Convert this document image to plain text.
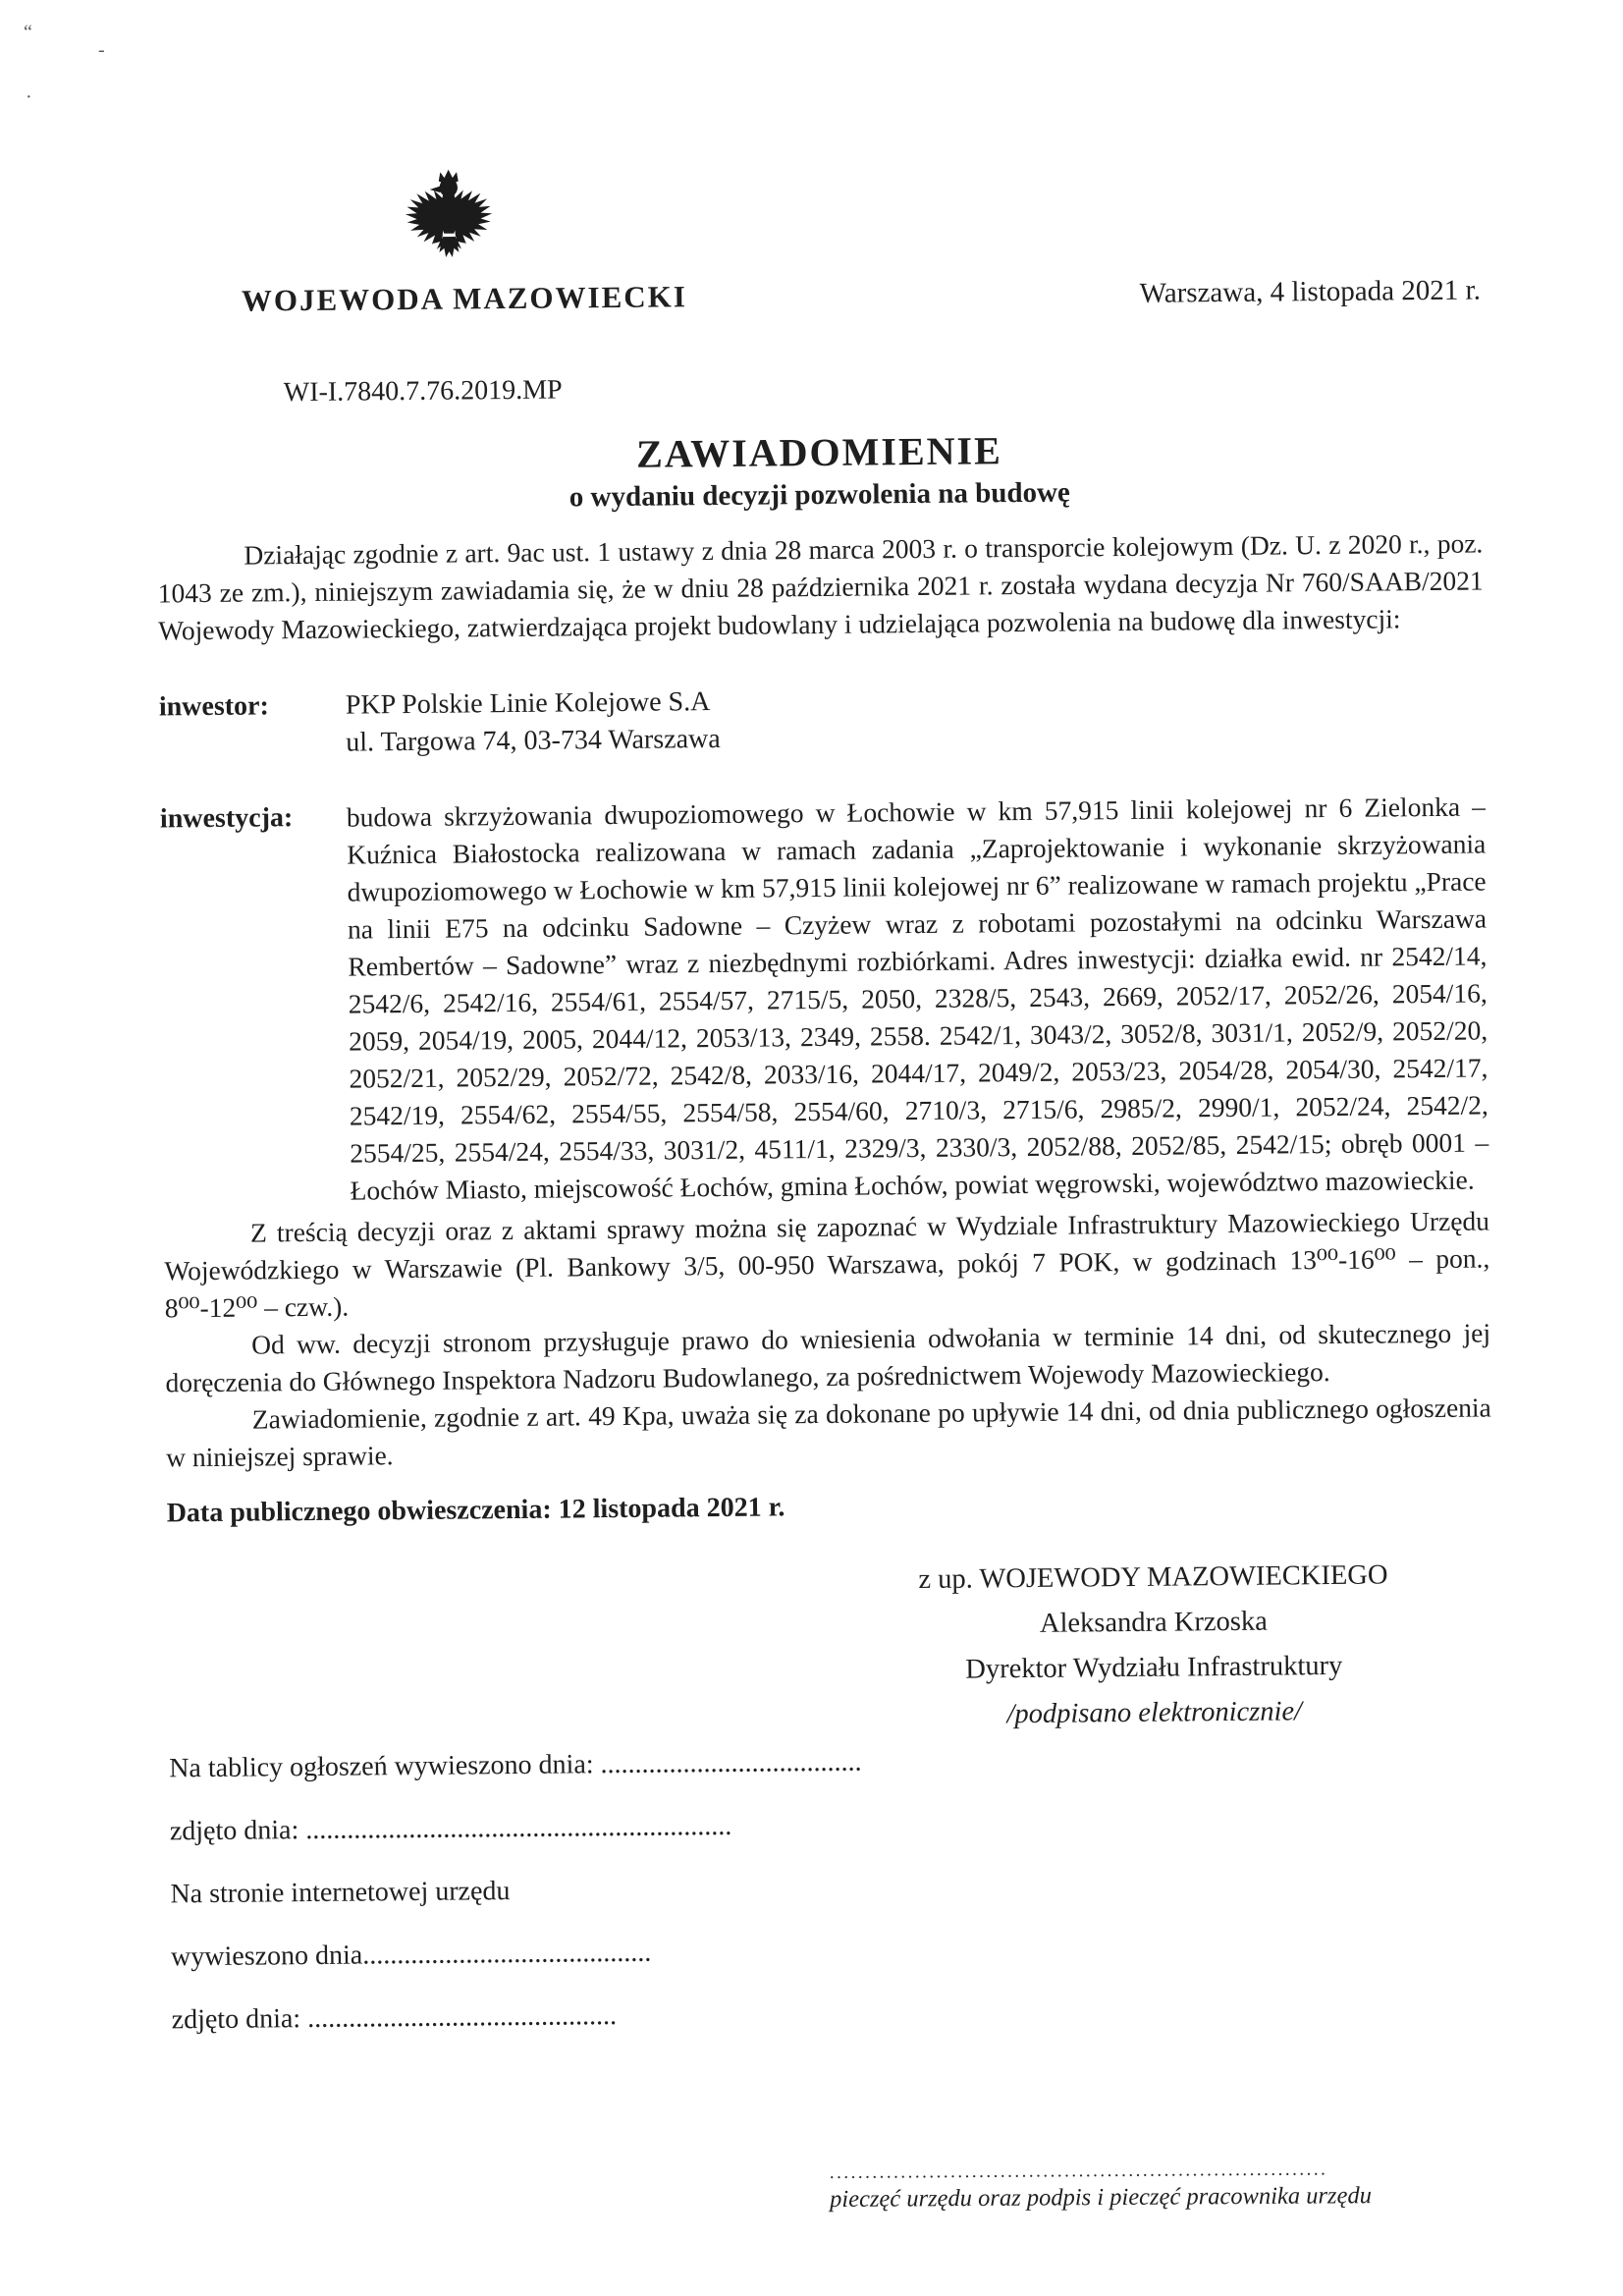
“
-
·
WOJEWODA MAZOWIECKI	Warszawa, 4 listopada 2021 r.
WI-I.7840.7.76.2019.MP
ZAWIADOMIENIE
o wydaniu decyzji pozwolenia na budowę

Działając zgodnie z art. 9ac ust. 1 ustawy z dnia 28 marca 2003 r. o transporcie kolejowym (Dz. U. z 2020 r., poz. 1043 ze zm.), niniejszym zawiadamia się, że w dniu 28 października 2021 r. została wydana decyzja Nr 760/SAAB/2021 Wojewody Mazowieckiego, zatwierdzająca projekt budowlany i udzielająca pozwolenia na budowę dla inwestycji:

inwestor:	PKP Polskie Linie Kolejowe S.A
ul. Targowa 74, 03-734 Warszawa
inwestycja:	budowa skrzyżowania dwupoziomowego w Łochowie w km 57,915 linii kolejowej nr 6 Zielonka – Kuźnica Białostocka realizowana w ramach zadania „Zaprojektowanie i wykonanie skrzyżowania dwupoziomowego w Łochowie w km 57,915 linii kolejowej nr 6” realizowane w ramach projektu „Prace na linii E75 na odcinku Sadowne – Czyżew wraz z robotami pozostałymi na odcinku Warszawa Rembertów – Sadowne” wraz z niezbędnymi rozbiórkami. Adres inwestycji: działka ewid. nr 2542/14, 2542/6, 2542/16, 2554/61, 2554/57, 2715/5, 2050, 2328/5, 2543, 2669, 2052/17, 2052/26, 2054/16, 2059, 2054/19, 2005, 2044/12, 2053/13, 2349, 2558. 2542/1, 3043/2, 3052/8, 3031/1, 2052/9, 2052/20, 2052/21, 2052/29, 2052/72, 2542/8, 2033/16, 2044/17, 2049/2, 2053/23, 2054/28, 2054/30, 2542/17, 2542/19, 2554/62, 2554/55, 2554/58, 2554/60, 2710/3, 2715/6, 2985/2, 2990/1, 2052/24, 2542/2, 2554/25, 2554/24, 2554/33, 3031/2, 4511/1, 2329/3, 2330/3, 2052/88, 2052/85, 2542/15; obręb 0001 – Łochów Miasto, miejscowość Łochów, gmina Łochów, powiat węgrowski, województwo mazowieckie.

Z treścią decyzji oraz z aktami sprawy można się zapoznać w Wydziale Infrastruktury Mazowieckiego Urzędu Wojewódzkiego w Warszawie (Pl. Bankowy 3/5, 00-950 Warszawa, pokój 7 POK, w godzinach 13⁰⁰-16⁰⁰ – pon., 8⁰⁰-12⁰⁰ – czw.).

Od ww. decyzji stronom przysługuje prawo do wniesienia odwołania w terminie 14 dni, od skutecznego jej doręczenia do Głównego Inspektora Nadzoru Budowlanego, za pośrednictwem Wojewody Mazowieckiego.

Zawiadomienie, zgodnie z art. 49 Kpa, uważa się za dokonane po upływie 14 dni, od dnia publicznego ogłoszenia w niniejszej sprawie.

Data publicznego obwieszczenia: 12 listopada 2021 r.
z up. WOJEWODY MAZOWIECKIEGO
Aleksandra Krzoska
Dyrektor Wydziału Infrastruktury
/podpisano elektronicznie/
Na tablicy ogłoszeń wywieszono dnia: ......................................
zdjęto dnia: ..............................................................
Na stronie internetowej urzędu
wywieszono dnia..........................................
zdjęto dnia: .............................................
......................................................................
pieczęć urzędu oraz podpis i pieczęć pracownika urzędu
